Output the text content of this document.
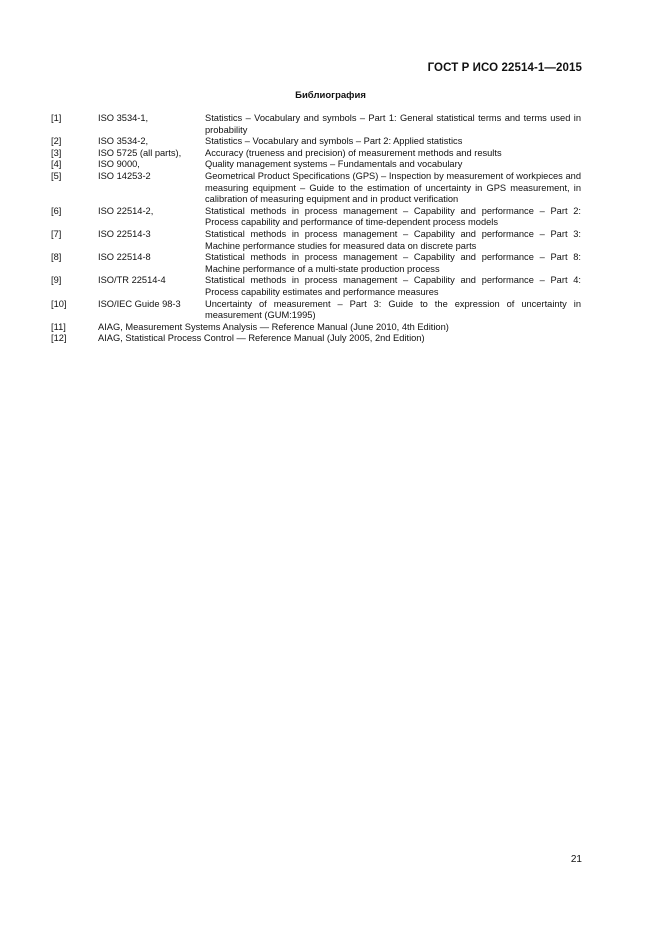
ГОСТ Р ИСО 22514-1—2015
Библиография
[1]	ISO 3534-1,	Statistics – Vocabulary and symbols – Part 1: General statistical terms and terms used in probability
[2]	ISO 3534-2,	Statistics – Vocabulary and symbols – Part 2: Applied statistics
[3]	ISO 5725 (all parts),	Accuracy (trueness and precision) of measurement methods and results
[4]	ISO 9000,	Quality management systems – Fundamentals and vocabulary
[5]	ISO 14253-2	Geometrical Product Specifications (GPS) – Inspection by measurement of workpieces and measuring equipment – Guide to the estimation of uncertainty in GPS measurement, in calibration of measuring equipment and in product verification
[6]	ISO 22514-2,	Statistical methods in process management – Capability and performance – Part 2: Process capability and performance of time-dependent process models
[7]	ISO 22514-3	Statistical methods in process management – Capability and performance – Part 3: Machine performance studies for measured data on discrete parts
[8]	ISO 22514-8	Statistical methods in process management – Capability and performance – Part 8: Machine performance of a multi-state production process
[9]	ISO/TR 22514-4	Statistical methods in process management – Capability and performance – Part 4: Process capability estimates and performance measures
[10]	ISO/IEC Guide 98-3	Uncertainty of measurement – Part 3: Guide to the expression of uncertainty in measurement (GUM:1995)
[11]	AIAG, Measurement Systems Analysis — Reference Manual (June 2010, 4th Edition)
[12]	AIAG, Statistical Process Control — Reference Manual (July 2005, 2nd Edition)
21
